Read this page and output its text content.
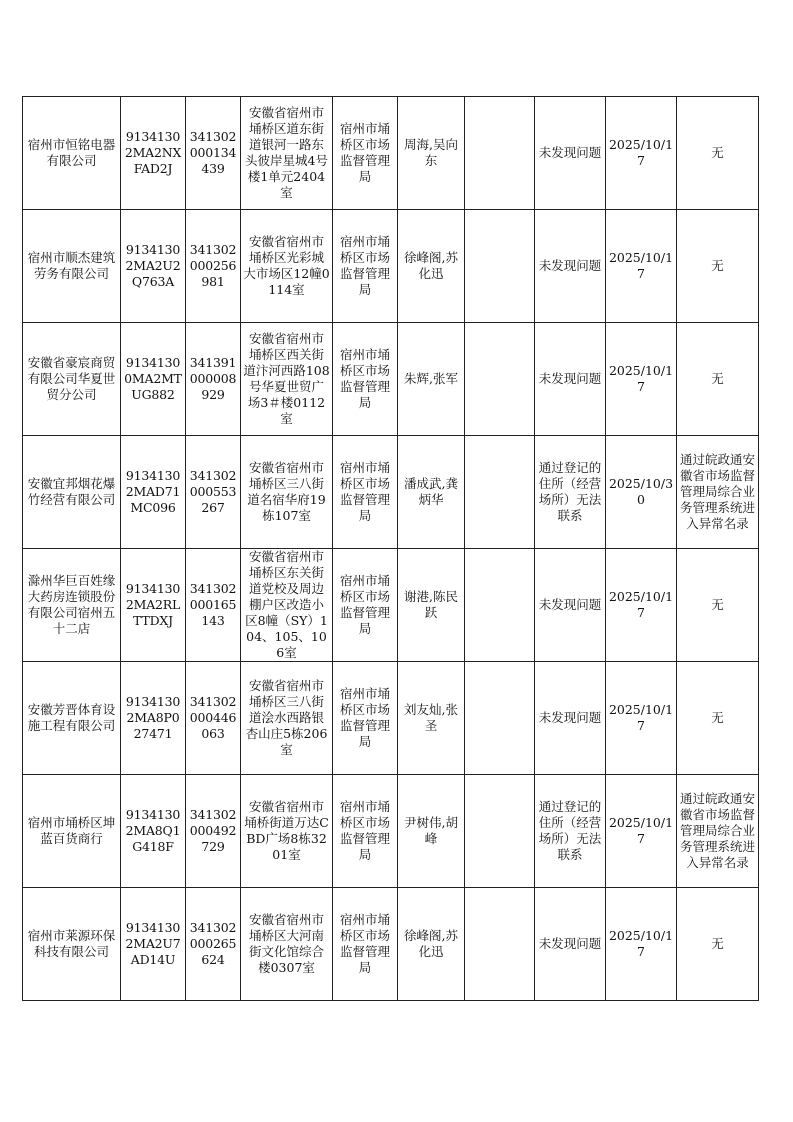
宿州市恒铭电器有限公司	91341302MA2NXFAD2J	341302000134439	安徽省宿州市埇桥区道东街道银河一路东头彼岸星城4号楼1单元2404室	宿州市埇桥区市场监督管理局	周海,吴向东		未发现问题	2025/10/17	无
宿州市顺杰建筑劳务有限公司	91341302MA2U2Q763A	341302000256981	安徽省宿州市埇桥区光彩城大市场区12幢0114室	宿州市埇桥区市场监督管理局	徐峰阁,苏化迅		未发现问题	2025/10/17	无
安徽省豪宸商贸有限公司华夏世贸分公司	91341300MA2MTUG882	341391000008929	安徽省宿州市埇桥区西关街道汴河西路108号华夏世贸广场3＃楼0112室	宿州市埇桥区市场监督管理局	朱辉,张军		未发现问题	2025/10/17	无
安徽宜邦烟花爆竹经营有限公司	91341302MAD71MC096	341302000553267	安徽省宿州市埇桥区三八街道名宿华府19栋107室	宿州市埇桥区市场监督管理局	潘成武,龚炳华		通过登记的住所（经营场所）无法联系	2025/10/30	通过皖政通安徽省市场监督管理局综合业务管理系统进入异常名录
滁州华巨百姓缘大药房连锁股份有限公司宿州五十二店	91341302MA2RLTTDXJ	341302000165143	安徽省宿州市埇桥区东关街道党校及周边棚户区改造小区8幢（SY）104、105、106室	宿州市埇桥区市场监督管理局	谢港,陈民跃		未发现问题	2025/10/17	无
安徽芳晋体育设施工程有限公司	91341302MA8P027471	341302000446063	安徽省宿州市埇桥区三八街道浍水西路银杏山庄5栋206室	宿州市埇桥区市场监督管理局	刘友灿,张圣		未发现问题	2025/10/17	无
宿州市埇桥区坤蓝百货商行	91341302MA8Q1G418F	341302000492729	安徽省宿州市埇桥街道万达CBD广场8栋3201室	宿州市埇桥区市场监督管理局	尹树伟,胡峰		通过登记的住所（经营场所）无法联系	2025/10/17	通过皖政通安徽省市场监督管理局综合业务管理系统进入异常名录
宿州市莱源环保科技有限公司	91341302MA2U7AD14U	341302000265624	安徽省宿州市埇桥区大河南街文化馆综合楼0307室	宿州市埇桥区市场监督管理局	徐峰阁,苏化迅		未发现问题	2025/10/17	无
